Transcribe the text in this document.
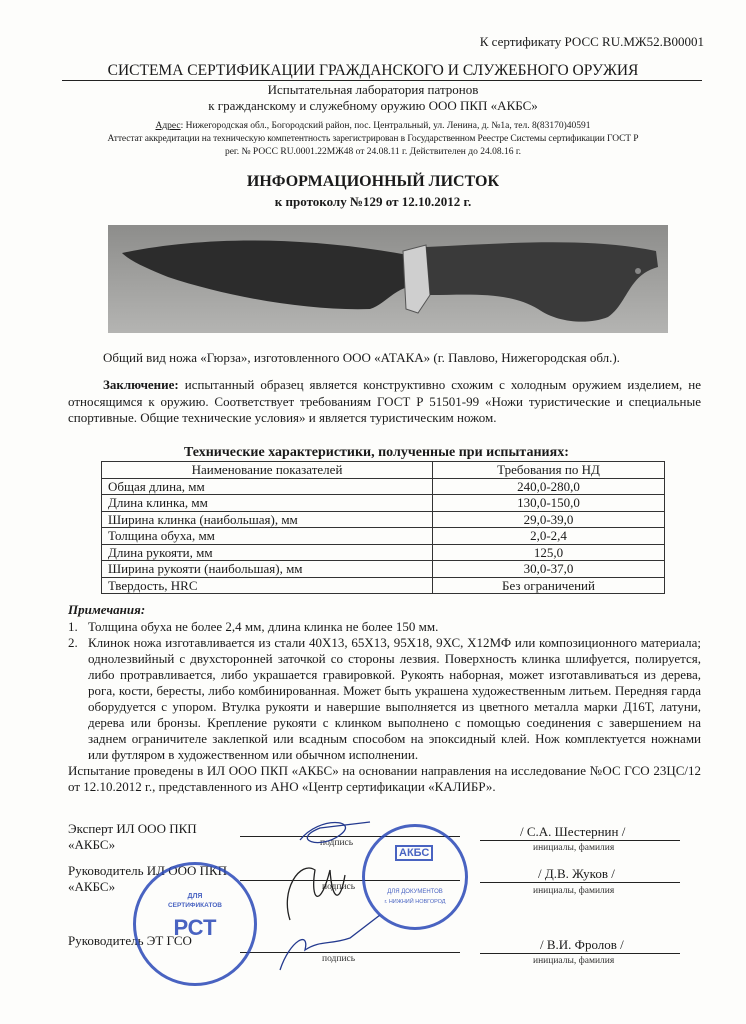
К сертификату РОСС RU.МЖ52.В00001
СИСТЕМА СЕРТИФИКАЦИИ ГРАЖДАНСКОГО И СЛУЖЕБНОГО ОРУЖИЯ
Испытательная лаборатория патронов
к гражданскому и служебному оружию ООО ПКП «АКБС»
Адрес: Нижегородская обл., Богородский район, пос. Центральный, ул. Ленина, д. №1а, тел. 8(83170)40591
Аттестат аккредитации на техническую компетентность зарегистрирован в Государственном Реестре Системы сертификации ГОСТ Р
рег. № РОСС RU.0001.22МЖ48 от 24.08.11 г. Действителен до 24.08.16 г.
ИНФОРМАЦИОННЫЙ ЛИСТОК
к протоколу №129 от 12.10.2012 г.
Общий вид ножа «Гюрза», изготовленного ООО «АТАКА» (г. Павлово, Нижегородская обл.).
Заключение: испытанный образец является конструктивно схожим с холодным оружием изделием, не относящимся к оружию. Соответствует требованиям ГОСТ Р 51501-99 «Ножи туристические и специальные спортивные. Общие технические условия» и является туристическим ножом.
Технические характеристики, полученные при испытаниях:
Наименование показателей	Требования по НД
Общая длина, мм	240,0-280,0
Длина клинка, мм	130,0-150,0
Ширина клинка (наибольшая), мм	29,0-39,0
Толщина обуха, мм	2,0-2,4
Длина рукояти, мм	125,0
Ширина рукояти (наибольшая), мм	30,0-37,0
Твердость, HRC	Без ограничений
Примечания:
1. Толщина обуха не более 2,4 мм, длина клинка не более 150 мм.
2. Клинок ножа изготавливается из стали 40Х13, 65Х13, 95Х18, 9ХС, Х12МФ или композиционного материала; однолезвийный с двухсторонней заточкой со стороны лезвия. Поверхность клинка шлифуется, полируется, либо протравливается, либо украшается гравировкой. Рукоять наборная, может изготавливаться из дерева, рога, кости, бересты, либо комбинированная. Может быть украшена художественным литьем. Передняя гарда оборудуется с упором. Втулка рукояти и навершие выполняется из цветного металла марки Д16Т, латуни, дерева или бронзы. Крепление рукояти с клинком выполнено с помощью соединения с завершением на заднем ограничителе заклепкой или всадным способом на эпоксидный клей. Нож комплектуется ножнами или футляром в художественном или обычном исполнении.
Испытание проведены в ИЛ ООО ПКП «АКБС» на основании направления на исследование №ОС ГСО 23ЦС/12 от 12.10.2012 г., представленного из АНО «Центр сертификации «КАЛИБР».
Эксперт ИЛ ООО ПКП
«АКБС»	подпись
/ С.А. Шестернин /
инициалы, фамилия
Руководитель ИЛ ООО ПКП
«АКБС»	подпись
/ Д.В. Жуков /
инициалы, фамилия
Руководитель ЭТ ГСО
подпись
/ В.И. Фролов /
инициалы, фамилия
ДЛЯ
СЕРТИФИКАТОВ
РСТ
АКБС
ДЛЯ ДОКУМЕНТОВ
г. НИЖНИЙ НОВГОРОД
